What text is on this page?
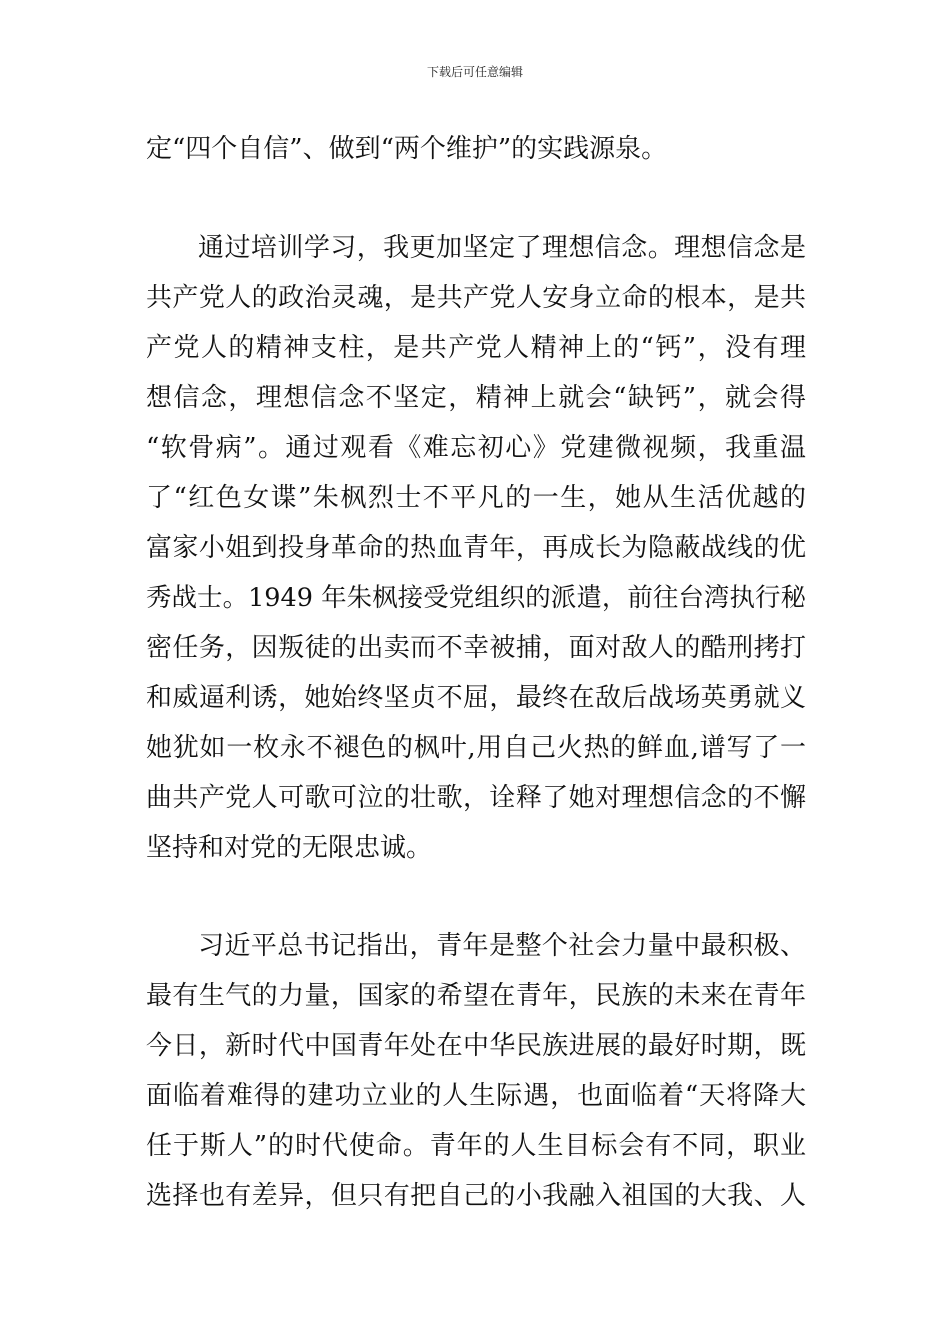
下载后可任意编辑
定“四个自信”、做到“两个维护”的实践源泉。
通过培训学习，我更加坚定了理想信念。理想信念是
共产党人的政治灵魂，是共产党人安身立命的根本，是共
产党人的精神支柱，是共产党人精神上的“钙”，没有理
想信念，理想信念不坚定，精神上就会“缺钙”，就会得
“软骨病”。通过观看《难忘初心》党建微视频，我重温
了“红色女谍”朱枫烈士不平凡的一生，她从生活优越的
富家小姐到投身革命的热血青年，再成长为隐蔽战线的优
秀战士。1949 年朱枫接受党组织的派遣，前往台湾执行秘
密任务，因叛徒的出卖而不幸被捕，面对敌人的酷刑拷打
和威逼利诱，她始终坚贞不屈，最终在敌后战场英勇就义
她犹如一枚永不褪色的枫叶,用自己火热的鲜血,谱写了一
曲共产党人可歌可泣的壮歌，诠释了她对理想信念的不懈
坚持和对党的无限忠诚。
习近平总书记指出，青年是整个社会力量中最积极、
最有生气的力量，国家的希望在青年，民族的未来在青年
今日，新时代中国青年处在中华民族进展的最好时期，既
面临着难得的建功立业的人生际遇，也面临着“天将降大
任于斯人”的时代使命。青年的人生目标会有不同，职业
选择也有差异，但只有把自己的小我融入祖国的大我、人
